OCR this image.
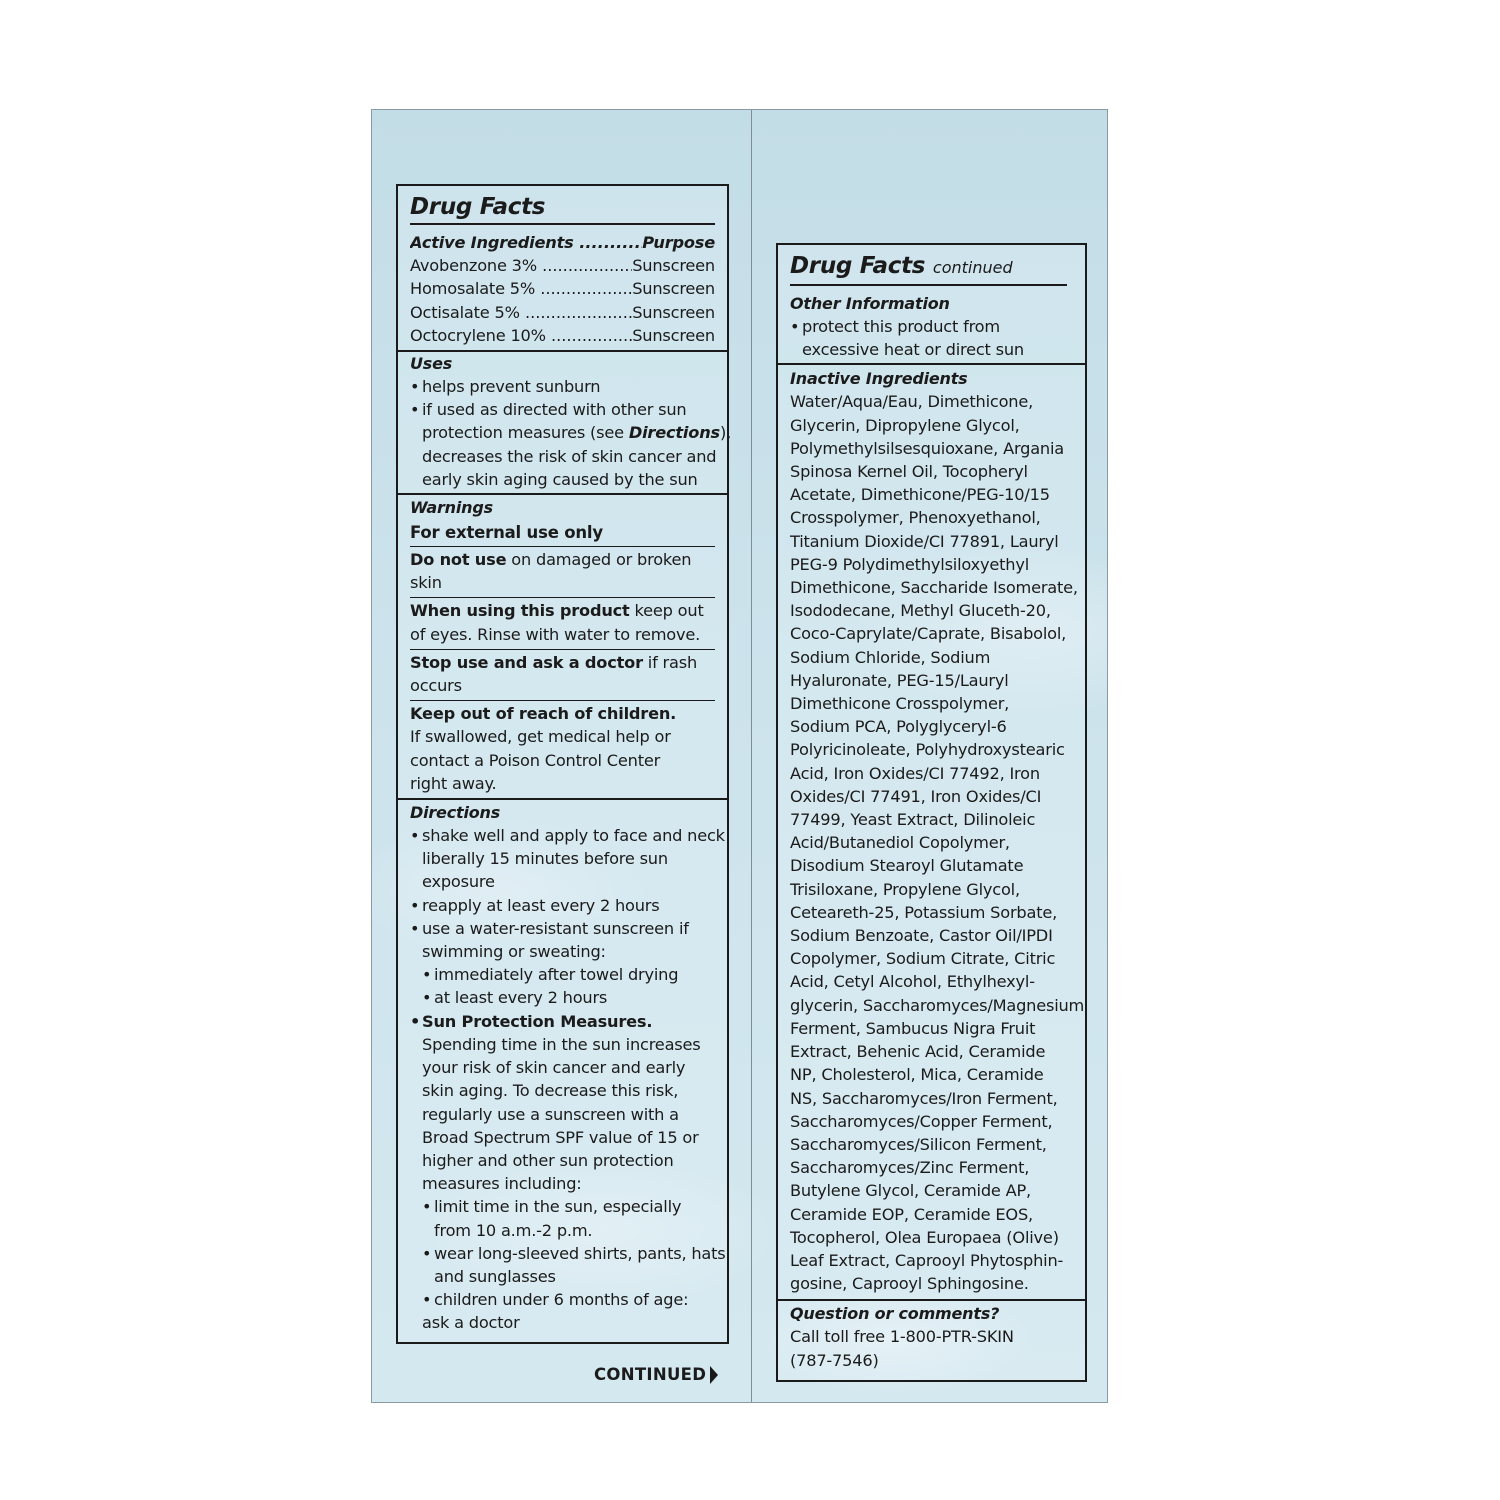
Drug Facts
Active Ingredients .....	Purpose
Avobenzone 3% .....	Sunscreen
Homosalate 5% .....	Sunscreen
Octisalate 5% .....	Sunscreen
Octocrylene 10% .....	Sunscreen
Uses
• helps prevent sunburn
• if used as directed with other sun
protection measures (see Directions),
decreases the risk of skin cancer and
early skin aging caused by the sun
Warnings
For external use only
Do not use on damaged or broken
skin
When using this product keep out
of eyes. Rinse with water to remove.
Stop use and ask a doctor if rash
occurs
Keep out of reach of children.
If swallowed, get medical help or
contact a Poison Control Center
right away.
Directions
• shake well and apply to face and neck
liberally 15 minutes before sun
exposure
• reapply at least every 2 hours
• use a water-resistant sunscreen if
swimming or sweating:
• immediately after towel drying
• at least every 2 hours
• Sun Protection Measures.
Spending time in the sun increases
your risk of skin cancer and early
skin aging. To decrease this risk,
regularly use a sunscreen with a
Broad Spectrum SPF value of 15 or
higher and other sun protection
measures including:
• limit time in the sun, especially
from 10 a.m.-2 p.m.
• wear long-sleeved shirts, pants, hats
and sunglasses
• children under 6 months of age:
ask a doctor
CONTINUED
Drug Facts continued
Other Information
• protect this product from
excessive heat or direct sun
Inactive Ingredients
Water/Aqua/Eau, Dimethicone,
Glycerin, Dipropylene Glycol,
Polymethylsilsesquioxane, Argania
Spinosa Kernel Oil, Tocopheryl
Acetate, Dimethicone/PEG-10/15
Crosspolymer, Phenoxyethanol,
Titanium Dioxide/CI 77891, Lauryl
PEG-9 Polydimethylsiloxyethyl
Dimethicone, Saccharide Isomerate,
Isododecane, Methyl Gluceth-20,
Coco-Caprylate/Caprate, Bisabolol,
Sodium Chloride, Sodium
Hyaluronate, PEG-15/Lauryl
Dimethicone Crosspolymer,
Sodium PCA, Polyglyceryl-6
Polyricinoleate, Polyhydroxystearic
Acid, Iron Oxides/CI 77492, Iron
Oxides/CI 77491, Iron Oxides/CI
77499, Yeast Extract, Dilinoleic
Acid/Butanediol Copolymer,
Disodium Stearoyl Glutamate
Trisiloxane, Propylene Glycol,
Ceteareth-25, Potassium Sorbate,
Sodium Benzoate, Castor Oil/IPDI
Copolymer, Sodium Citrate, Citric
Acid, Cetyl Alcohol, Ethylhexyl-
glycerin, Saccharomyces/Magnesium
Ferment, Sambucus Nigra Fruit
Extract, Behenic Acid, Ceramide
NP, Cholesterol, Mica, Ceramide
NS, Saccharomyces/Iron Ferment,
Saccharomyces/Copper Ferment,
Saccharomyces/Silicon Ferment,
Saccharomyces/Zinc Ferment,
Butylene Glycol, Ceramide AP,
Ceramide EOP, Ceramide EOS,
Tocopherol, Olea Europaea (Olive)
Leaf Extract, Caprooyl Phytosphin-
gosine, Caprooyl Sphingosine.
Question or comments?
Call toll free 1-800-PTR-SKIN
(787-7546)
